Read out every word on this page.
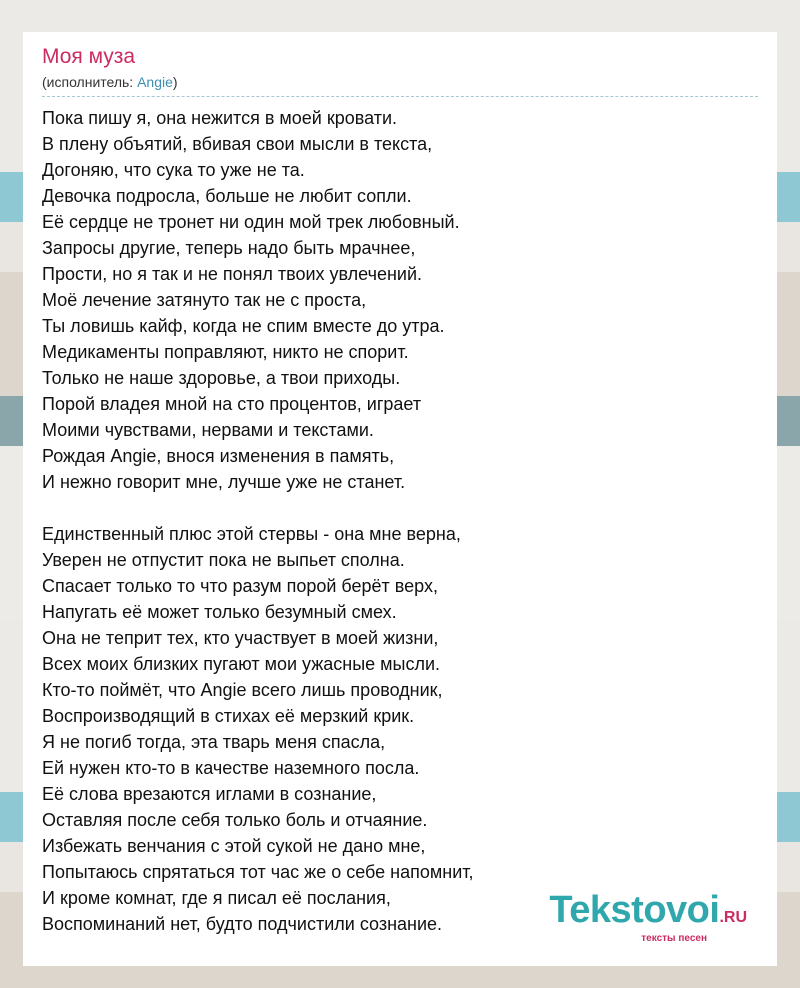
Моя муза
(исполнитель: Angie)
Пока пишу я, она нежится в моей кровати.
В плену объятий, вбивая свои мысли в текста,
Догоняю, что сука то уже не та.
Девочка подросла, больше не любит сопли.
Её сердце не тронет ни один мой трек любовный.
Запросы другие, теперь надо быть мрачнее,
Прости, но я так и не понял твоих увлечений.
Моё лечение затянуто так не с проста,
Ты ловишь кайф, когда не спим вместе до утра.
Медикаменты поправляют, никто не спорит.
Только не наше здоровье, а твои приходы.
Порой владея мной на сто процентов, играет
Моими чувствами, нервами и текстами.
Рождая Angie, внося изменения в память,
И нежно говорит мне, лучше уже не станет.
Единственный плюс этой стервы - она мне верна,
Уверен не отпустит пока не выпьет сполна.
Спасает только то что разум порой берёт верх,
Напугать её может только безумный смех.
Она не теприт тех, кто участвует в моей жизни,
Всех моих близких пугают мои ужасные мысли.
Кто-то поймёт, что Angie всего лишь проводник,
Воспроизводящий в стихах её мерзкий крик.
Я не погиб тогда, эта тварь меня спасла,
Ей нужен кто-то в качестве наземного посла.
Её слова врезаются иглами в сознание,
Оставляя после себя только боль и отчаяние.
Избежать венчания с этой сукой не дано мне,
Попытаюсь спрятаться тот час же о себе напомнит,
И кроме комнат, где я писал её послания,
Воспоминаний нет, будто подчистили сознание.	Tekstovoi.RU
тексты песен
